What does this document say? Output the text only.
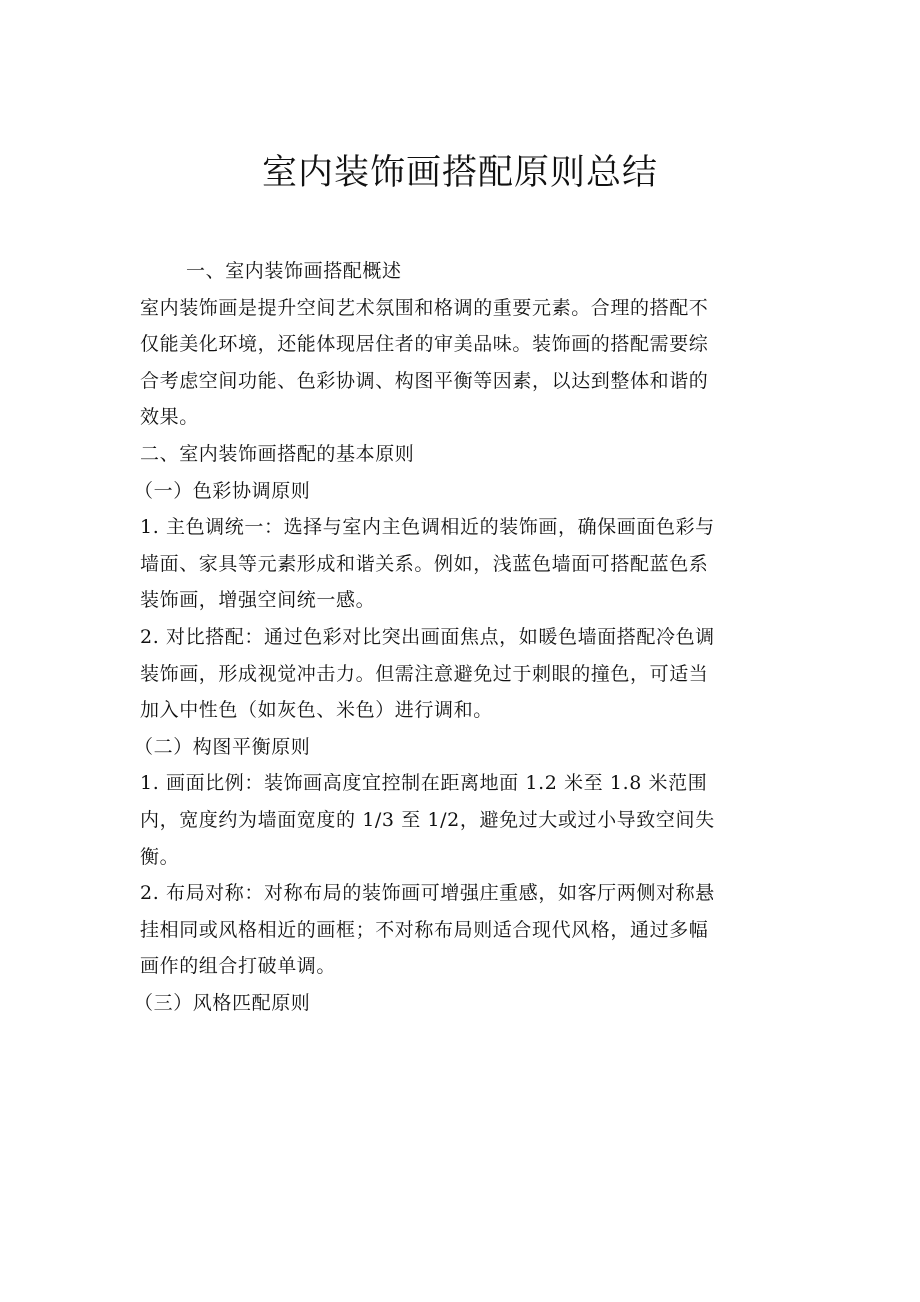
室内装饰画搭配原则总结
一、室内装饰画搭配概述
室内装饰画是提升空间艺术氛围和格调的重要元素。合理的搭配不
仅能美化环境，还能体现居住者的审美品味。装饰画的搭配需要综
合考虑空间功能、色彩协调、构图平衡等因素，以达到整体和谐的
效果。
二、室内装饰画搭配的基本原则
（一）色彩协调原则
1. 主色调统一：选择与室内主色调相近的装饰画，确保画面色彩与
墙面、家具等元素形成和谐关系。例如，浅蓝色墙面可搭配蓝色系
装饰画，增强空间统一感。
2. 对比搭配：通过色彩对比突出画面焦点，如暖色墙面搭配冷色调
装饰画，形成视觉冲击力。但需注意避免过于刺眼的撞色，可适当
加入中性色（如灰色、米色）进行调和。
（二）构图平衡原则
1. 画面比例：装饰画高度宜控制在距离地面 1.2 米至 1.8 米范围
内，宽度约为墙面宽度的 1/3 至 1/2，避免过大或过小导致空间失
衡。
2. 布局对称：对称布局的装饰画可增强庄重感，如客厅两侧对称悬
挂相同或风格相近的画框；不对称布局则适合现代风格，通过多幅
画作的组合打破单调。
（三）风格匹配原则
